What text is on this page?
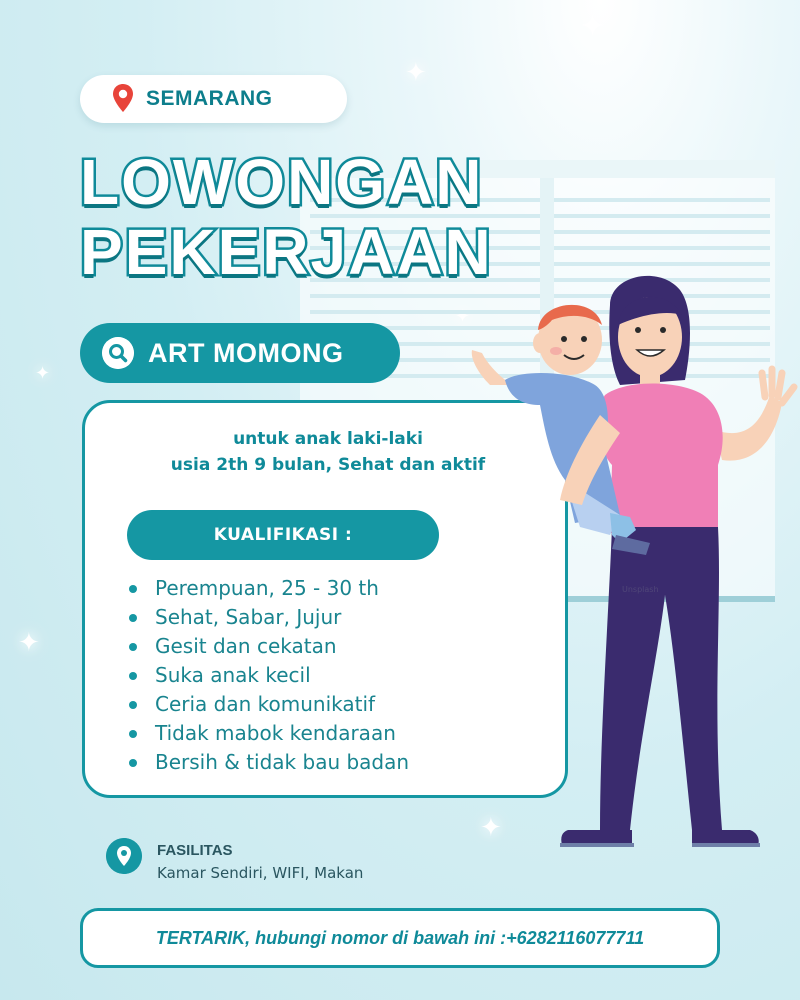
✦
✦
✦
✦
✦
SEMARANG
LOWONGAN
PEKERJAAN
ART MOMONG
untuk anak laki-laki
usia 2th 9 bulan, Sehat dan aktif
KUALIFIKASI :
Perempuan, 25 - 30 th
Sehat, Sabar, Jujur
Gesit dan cekatan
Suka anak kecil
Ceria dan komunikatif
Tidak mabok kendaraan
Bersih & tidak bau badan
Unsplash
FASILITAS
Kamar Sendiri, WIFI, Makan
TERTARIK, hubungi nomor di bawah ini :+6282116077711
